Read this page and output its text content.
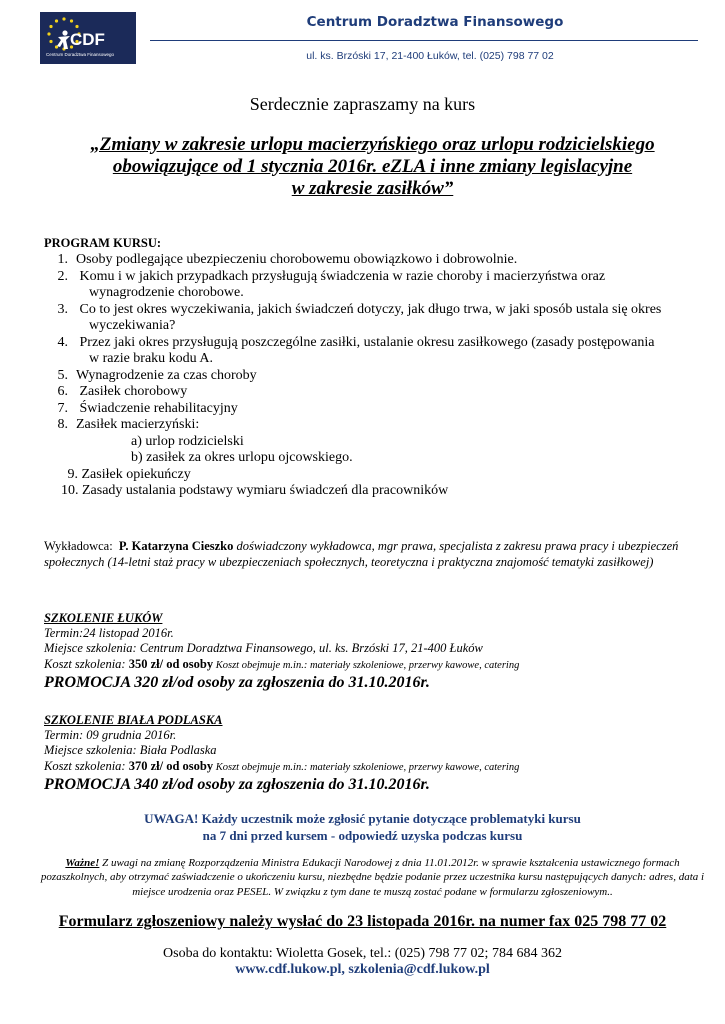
CDF
Centrum Doradztwa Finansowego
Centrum Doradztwa Finansowego
ul. ks. Brzóski 17, 21-400 Łuków, tel. (025) 798 77 02
Serdecznie zapraszamy na kurs
„Zmiany w zakresie urlopu macierzyńskiego oraz urlopu rodzicielskiego
obowiązujące od 1 stycznia 2016r. eZLA i inne zmiany legislacyjne
w zakresie zasiłków”
PROGRAM KURSU:
1. Osoby podlegające ubezpieczeniu chorobowemu obowiązkowo i dobrowolnie.
2. Komu i w jakich przypadkach przysługują świadczenia w razie choroby i macierzyństwa oraz
wynagrodzenie chorobowe.
3. Co to jest okres wyczekiwania, jakich świadczeń dotyczy, jak długo trwa, w jaki sposób ustala się okres
wyczekiwania?
4. Przez jaki okres przysługują poszczególne zasiłki, ustalanie okresu zasiłkowego (zasady postępowania
w razie braku kodu A.
5. Wynagrodzenie za czas choroby
6. Zasiłek chorobowy
7. Świadczenie rehabilitacyjny
8. Zasiłek macierzyński:
a) urlop rodzicielski
b) zasiłek za okres urlopu ojcowskiego.
9. Zasiłek opiekuńczy
10. Zasady ustalania podstawy wymiaru świadczeń dla pracowników
Wykładowca:  P. Katarzyna Cieszko doświadczony wykładowca, mgr prawa, specjalista z zakresu prawa pracy i ubezpieczeń społecznych (14-letni staż pracy w ubezpieczeniach społecznych, teoretyczna i praktyczna znajomość tematyki zasiłkowej)
SZKOLENIE ŁUKÓW
Termin:24 listopad 2016r.
Miejsce szkolenia: Centrum Doradztwa Finansowego, ul. ks. Brzóski 17, 21-400 Łuków
Koszt szkolenia: 350 zł/ od osoby Koszt obejmuje m.in.: materiały szkoleniowe, przerwy kawowe, catering
PROMOCJA 320 zł/od osoby za zgłoszenia do 31.10.2016r.
SZKOLENIE BIAŁA PODLASKA
Termin: 09 grudnia 2016r.
Miejsce szkolenia: Biała Podlaska
Koszt szkolenia: 370 zł/ od osoby Koszt obejmuje m.in.: materiały szkoleniowe, przerwy kawowe, catering
PROMOCJA 340 zł/od osoby za zgłoszenia do 31.10.2016r.
UWAGA! Każdy uczestnik może zgłosić pytanie dotyczące problematyki kursu
na 7 dni przed kursem - odpowiedź uzyska podczas kursu
Ważne! Z uwagi na zmianę Rozporządzenia Ministra Edukacji Narodowej z dnia 11.01.2012r. w sprawie kształcenia ustawicznego formach pozaszkolnych, aby otrzymać zaświadczenie o ukończeniu kursu, niezbędne będzie podanie przez uczestnika kursu następujących danych: adres, data i miejsce urodzenia oraz PESEL. W związku z tym dane te muszą zostać podane w formularzu zgłoszeniowym..
Formularz zgłoszeniowy należy wysłać do 23 listopada 2016r. na numer fax 025 798 77 02
Osoba do kontaktu: Wioletta Gosek, tel.: (025) 798 77 02; 784 684 362
www.cdf.lukow.pl, szkolenia@cdf.lukow.pl
